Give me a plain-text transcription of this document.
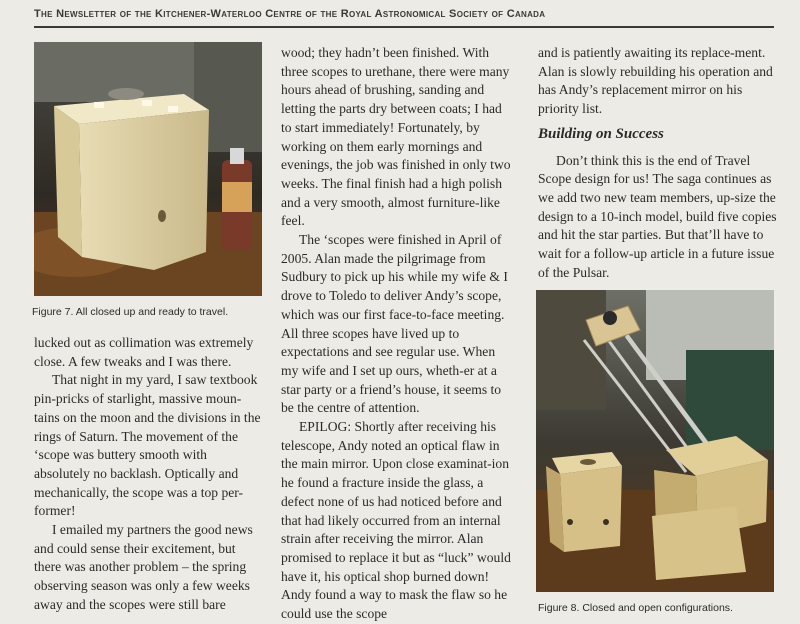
The Newsletter of the Kitchener-Waterloo Centre of the Royal Astronomical Society of Canada
Figure 7. All closed up and ready to travel.

lucked out as collimation was extremely close. A few tweaks and I was there.

That night in my yard, I saw textbook pin-pricks of starlight, massive moun-tains on the moon and the divisions in the rings of Saturn. The movement of the ‘scope was buttery smooth with absolutely no backlash. Optically and mechanically, the scope was a top per-former!

I emailed my partners the good news and could sense their excitement, but there was another problem – the spring observing season was only a few weeks away and the scopes were still bare

wood; they hadn’t been finished. With three scopes to urethane, there were many hours ahead of brushing, sanding and letting the parts dry between coats; I had to start immediately! Fortunately, by working on them early mornings and evenings, the job was finished in only two weeks. The final finish had a high polish and a very smooth, almost furniture-like feel.

The ‘scopes were finished in April of 2005. Alan made the pilgrimage from Sudbury to pick up his while my wife & I drove to Toledo to deliver Andy’s scope, which was our first face-to-face meeting. All three scopes have lived up to expectations and see regular use. When my wife and I set up ours, wheth-er at a star party or a friend’s house, it seems to be the centre of attention.

EPILOG: Shortly after receiving his telescope, Andy noted an optical flaw in the main mirror. Upon close examinat-ion he found a fracture inside the glass, a defect none of us had noticed before and that had likely occurred from an internal strain after receiving the mirror. Alan promised to replace it but as “luck” would have it, his optical shop burned down! Andy found a way to mask the flaw so he could use the scope

and is patiently awaiting its replace-ment. Alan is slowly rebuilding his operation and has Andy’s replacement mirror on his priority list.

Building on Success

Don’t think this is the end of Travel Scope design for us! The saga continues as we add two new team members, up-size the design to a 10-inch model, build five copies and hit the star parties. But that’ll have to wait for a follow-up article in a future issue of the Pulsar.

Figure 8. Closed and open configurations.
